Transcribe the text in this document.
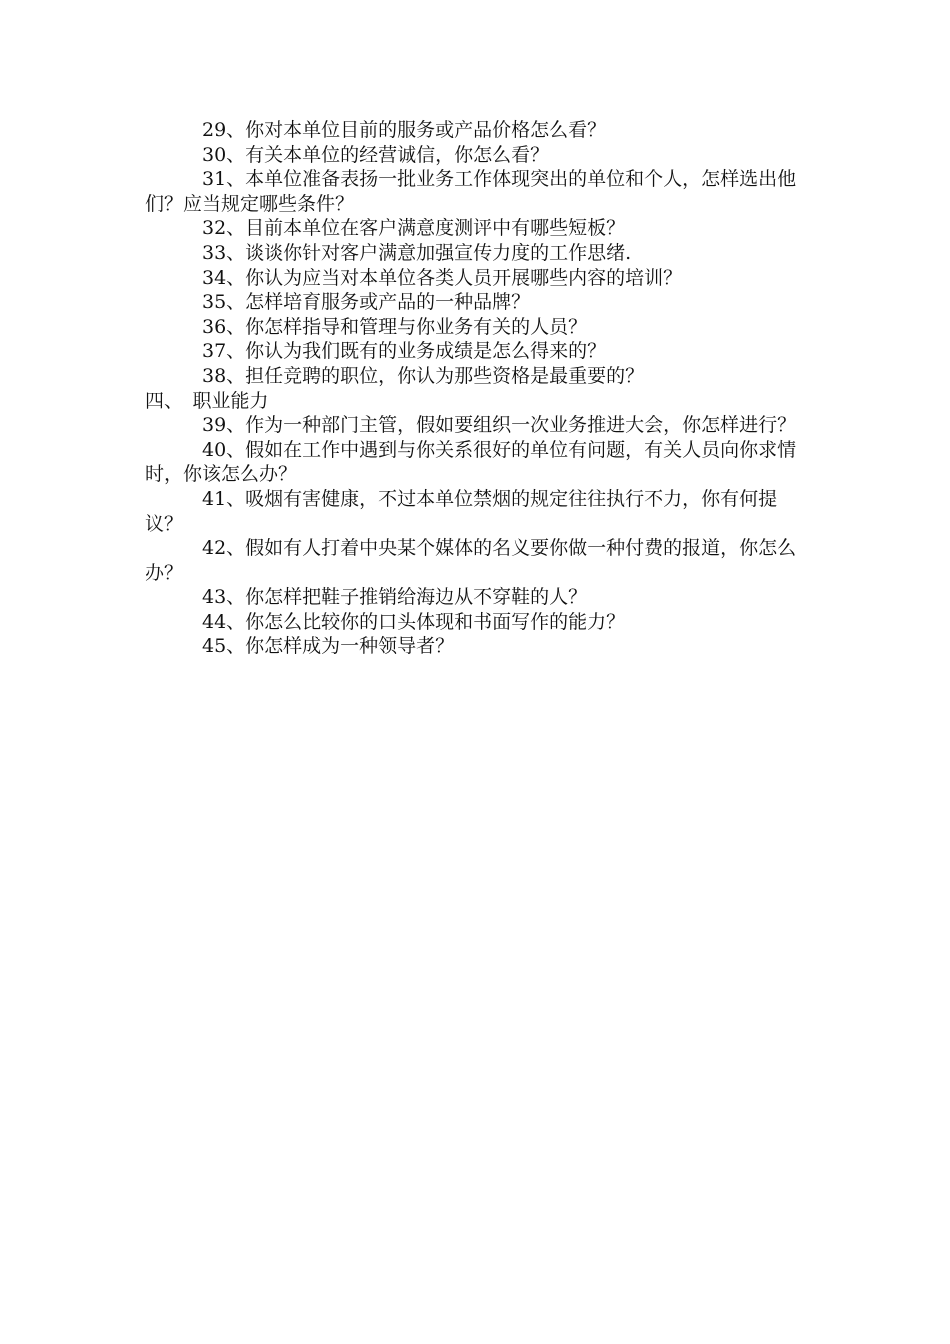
29、你对本单位目前的服务或产品价格怎么看？

30、有关本单位的经营诚信，你怎么看？

31、本单位准备表扬一批业务工作体现突出的单位和个人，怎样选出他们？应当规定哪些条件？

32、目前本单位在客户满意度测评中有哪些短板？

33、谈谈你针对客户满意加强宣传力度的工作思绪.

34、你认为应当对本单位各类人员开展哪些内容的培训？

35、怎样培育服务或产品的一种品牌？

36、你怎样指导和管理与你业务有关的人员？

37、你认为我们既有的业务成绩是怎么得来的？

38、担任竞聘的职位，你认为那些资格是最重要的？

四、　职业能力

39、作为一种部门主管，假如要组织一次业务推进大会，你怎样进行？

40、假如在工作中遇到与你关系很好的单位有问题，有关人员向你求情时，你该怎么办？

41、吸烟有害健康，不过本单位禁烟的规定往往执行不力，你有何提议？

42、假如有人打着中央某个媒体的名义要你做一种付费的报道，你怎么办？

43、你怎样把鞋子推销给海边从不穿鞋的人？

44、你怎么比较你的口头体现和书面写作的能力？

45、你怎样成为一种领导者？
